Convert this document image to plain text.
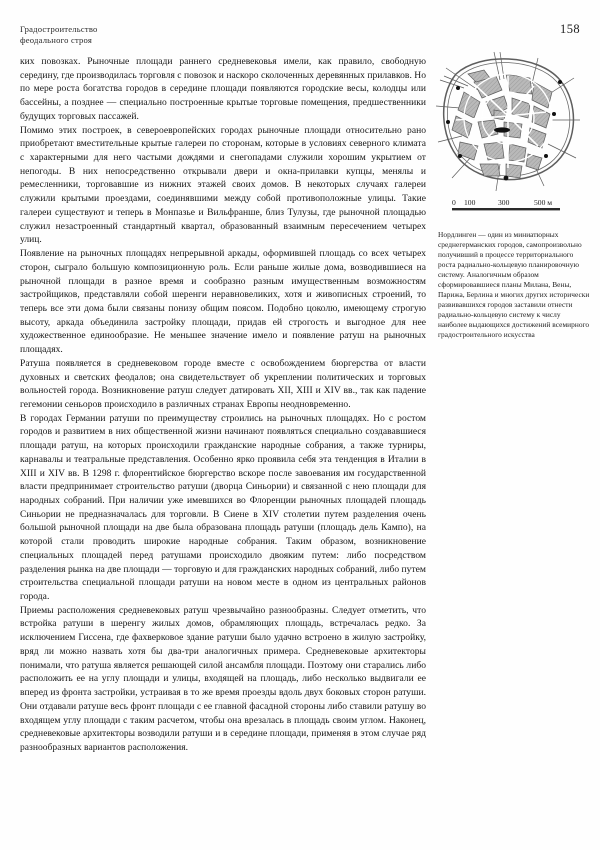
Градостроительство
феодального строя
158

ких повозках. Рыночные площади раннего средневековья имели, как правило, свободную середину, где производилась торговля с повозок и наскоро сколоченных деревянных прилавков. Но по мере роста богатства городов в середине площади появляются городские весы, колодцы или бассейны, а позднее — специально построенные крытые торговые помещения, предшественники будущих торговых пассажей.

Помимо этих построек, в североевропейских городах рыночные площади относительно рано приобретают вместительные крытые галереи по сторонам, которые в условиях северного климата с характерными для него частыми дождями и снегопадами служили хорошим укрытием от непогоды. В них непосредственно открывали двери и окна-прилавки купцы, менялы и ремесленники, торговавшие из нижних этажей своих домов. В некоторых случаях галереи служили крытыми проездами, соединявшими между собой противоположные улицы. Такие галереи существуют и теперь в Монпазье и Вильфранше, близ Тулузы, где рыночной площадью служил незастроенный стандартный квартал, образованный взаимным пересечением четырех улиц.

Появление на рыночных площадях непрерывной аркады, оформившей площадь со всех четырех сторон, сыграло большую композиционную роль. Если раньше жилые дома, возводившиеся на рыночной площади в разное время и сообразно разным имущественным возможностям застройщиков, представляли собой шеренги неравновеликих, хотя и живописных строений, то теперь все эти дома были связаны понизу общим поясом. Подобно цоколю, имеющему строгую высоту, аркада объединила застройку площади, придав ей строгость и выгодное для нее художественное единообразие. Не меньшее значение имело и появление ратуш на рыночных площадях.

Ратуша появляется в средневековом городе вместе с освобождением бюргерства от власти духовных и светских феодалов; она свидетельствует об укреплении политических и торговых вольностей города. Возникновение ратуш следует датировать XII, XIII и XIV вв., так как падение гегемонии сеньоров происходило в различных странах Европы неодновременно.

В городах Германии ратуши по преимуществу строились на рыночных площадях. Но с ростом городов и развитием в них общественной жизни начинают появляться специально создававшиеся площади ратуш, на которых происходили гражданские народные собрания, а также турниры, карнавалы и театральные представления. Особенно ярко проявила себя эта тенденция в Италии в XIII и XIV вв. В 1298 г. флорентийское бюргерство вскоре после завоевания им государственной власти предпринимает строительство ратуши (дворца Синьории) и связанной с нею площади для народных собраний. При наличии уже имевшихся во Флоренции рыночных площадей площадь Синьории не предназначалась для торговли. В Сиене в XIV столетии путем разделения очень большой рыночной площади на две была образована площадь ратуши (площадь дель Кампо), на которой стали проводить широкие народные собрания. Таким образом, возникновение специальных площадей перед ратушами происходило двояким путем: либо посредством разделения рынка на две площади — торговую и для гражданских народных собраний, либо путем строительства специальной площади ратуши на новом месте в одном из центральных районов города.

Приемы расположения средневековых ратуш чрезвычайно разнообразны. Следует отметить, что встройка ратуши в шеренгу жилых домов, обрамляющих площадь, встречалась редко. За исключением Гиссена, где фахверковое здание ратуши было удачно встроено в жилую застройку, вряд ли можно назвать хотя бы два-три аналогичных примера. Средневековые архитекторы понимали, что ратуша является решающей силой ансамбля площади. Поэтому они старались либо расположить ее на углу площади и улицы, входящей на площадь, либо несколько выдвигали ее вперед из фронта застройки, устраивая в то же время проезды вдоль двух боковых сторон ратуши. Они отдавали ратуше весь фронт площади с ее главной фасадной стороны либо ставили ратушу во входящем углу площади с таким расчетом, чтобы она врезалась в площадь своим углом. Наконец, средневековые архитекторы возводили ратуши и в середине площади, применяя в этом случае ряд разнообразных вариантов расположения.

0 100	300	500 м
Нордлинген — один из миниатюрных среднегерманских городов, самопроизвольно получивший в процессе территориального роста радиально-кольцевую планировочную систему. Аналогичным образом сформировавшиеся планы Милана, Вены, Парижа, Берлина и многих других исторически развивавшихся городов заставили отнести радиально-кольцевую систему к числу наиболее выдающихся достижений всемирного градостроительного искусства
